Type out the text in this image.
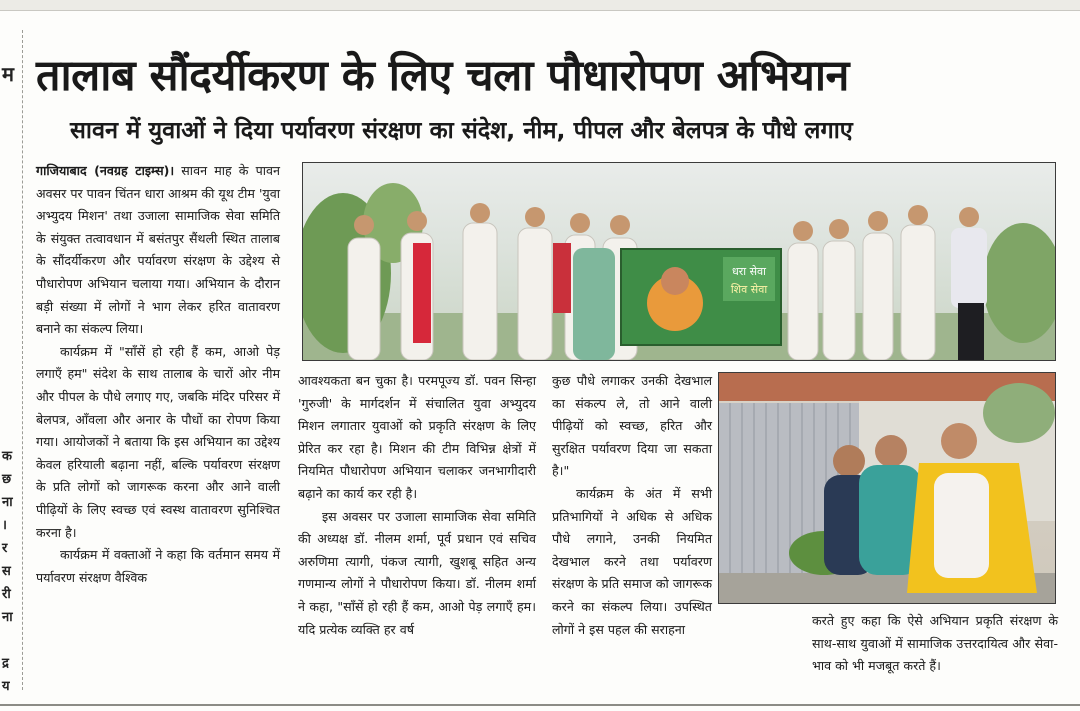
म
क
छ
ना
।
र
स
री
ना
द्र
य
तालाब सौंदर्यीकरण के लिए चला पौधारोपण अभियान
सावन में युवाओं ने दिया पर्यावरण संरक्षण का संदेश, नीम, पीपल और बेलपत्र के पौधे लगाए

गाजियाबाद (नवग्रह टाइम्स)। सावन माह के पावन अवसर पर पावन चिंतन धारा आश्रम की यूथ टीम 'युवा अभ्युदय मिशन' तथा उजाला सामाजिक सेवा समिति के संयुक्त तत्वावधान में बसंतपुर सैंथली स्थित तालाब के सौंदर्यीकरण और पर्यावरण संरक्षण के उद्देश्य से पौधारोपण अभियान चलाया गया। अभियान के दौरान बड़ी संख्या में लोगों ने भाग लेकर हरित वातावरण बनाने का संकल्प लिया।

कार्यक्रम में "साँसें हो रही हैं कम, आओ पेड़ लगाएँ हम" संदेश के साथ तालाब के चारों ओर नीम और पीपल के पौधे लगाए गए, जबकि मंदिर परिसर में बेलपत्र, आँवला और अनार के पौधों का रोपण किया गया। आयोजकों ने बताया कि इस अभियान का उद्देश्य केवल हरियाली बढ़ाना नहीं, बल्कि पर्यावरण संरक्षण के प्रति लोगों को जागरूक करना और आने वाली पीढ़ियों के लिए स्वच्छ एवं स्वस्थ वातावरण सुनिश्चित करना है।

कार्यक्रम में वक्ताओं ने कहा कि वर्तमान समय में पर्यावरण संरक्षण वैश्विक

धरा सेवा
शिव सेवा

आवश्यकता बन चुका है। परमपूज्य डॉ. पवन सिन्हा 'गुरुजी' के मार्गदर्शन में संचालित युवा अभ्युदय मिशन लगातार युवाओं को प्रकृति संरक्षण के लिए प्रेरित कर रहा है। मिशन की टीम विभिन्न क्षेत्रों में नियमित पौधारोपण अभियान चलाकर जनभागीदारी बढ़ाने का कार्य कर रही है।

इस अवसर पर उजाला सामाजिक सेवा समिति की अध्यक्ष डॉ. नीलम शर्मा, पूर्व प्रधान एवं सचिव अरुणिमा त्यागी, पंकज त्यागी, खुशबू सहित अन्य गणमान्य लोगों ने पौधारोपण किया। डॉ. नीलम शर्मा ने कहा, "साँसें हो रही हैं कम, आओ पेड़ लगाएँ हम। यदि प्रत्येक व्यक्ति हर वर्ष

कुछ पौधे लगाकर उनकी देखभाल का संकल्प ले, तो आने वाली पीढ़ियों को स्वच्छ, हरित और सुरक्षित पर्यावरण दिया जा सकता है।"

कार्यक्रम के अंत में सभी प्रतिभागियों ने अधिक से अधिक पौधे लगाने, उनकी नियमित देखभाल करने तथा पर्यावरण संरक्षण के प्रति समाज को जागरूक करने का संकल्प लिया। उपस्थित लोगों ने इस पहल की सराहना

करते हुए कहा कि ऐसे अभियान प्रकृति संरक्षण के साथ-साथ युवाओं में सामाजिक उत्तरदायित्व और सेवा-भाव को भी मजबूत करते हैं।
